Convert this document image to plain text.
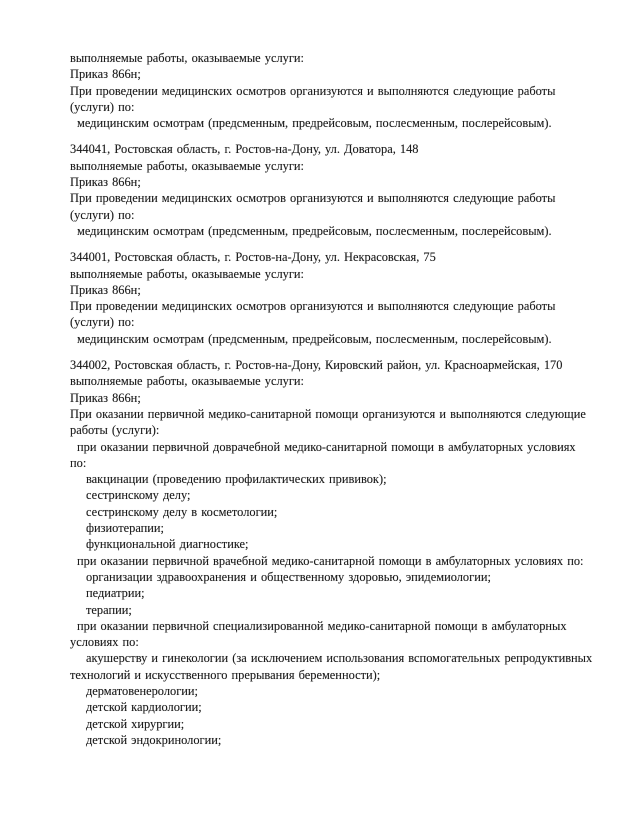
выполняемые работы, оказываемые услуги:
Приказ 866н;
При проведении медицинских осмотров организуются и выполняются следующие работы
(услуги) по:
медицинским осмотрам (предсменным, предрейсовым, послесменным, послерейсовым).
344041, Ростовская область, г. Ростов-на-Дону, ул. Доватора, 148
выполняемые работы, оказываемые услуги:
Приказ 866н;
При проведении медицинских осмотров организуются и выполняются следующие работы
(услуги) по:
медицинским осмотрам (предсменным, предрейсовым, послесменным, послерейсовым).
344001, Ростовская область, г. Ростов-на-Дону, ул. Некрасовская, 75
выполняемые работы, оказываемые услуги:
Приказ 866н;
При проведении медицинских осмотров организуются и выполняются следующие работы
(услуги) по:
медицинским осмотрам (предсменным, предрейсовым, послесменным, послерейсовым).
344002, Ростовская область, г. Ростов-на-Дону, Кировский район, ул. Красноармейская, 170
выполняемые работы, оказываемые услуги:
Приказ 866н;
При оказании первичной медико-санитарной помощи организуются и выполняются следующие
работы (услуги):
при оказании первичной доврачебной медико-санитарной помощи в амбулаторных условиях
по:
вакцинации (проведению профилактических прививок);
сестринскому делу;
сестринскому делу в косметологии;
физиотерапии;
функциональной диагностике;
при оказании первичной врачебной медико-санитарной помощи в амбулаторных условиях по:
организации здравоохранения и общественному здоровью, эпидемиологии;
педиатрии;
терапии;
при оказании первичной специализированной медико-санитарной помощи в амбулаторных
условиях по:
акушерству и гинекологии (за исключением использования вспомогательных репродуктивных
технологий и искусственного прерывания беременности);
дерматовенерологии;
детской кардиологии;
детской хирургии;
детской эндокринологии;
